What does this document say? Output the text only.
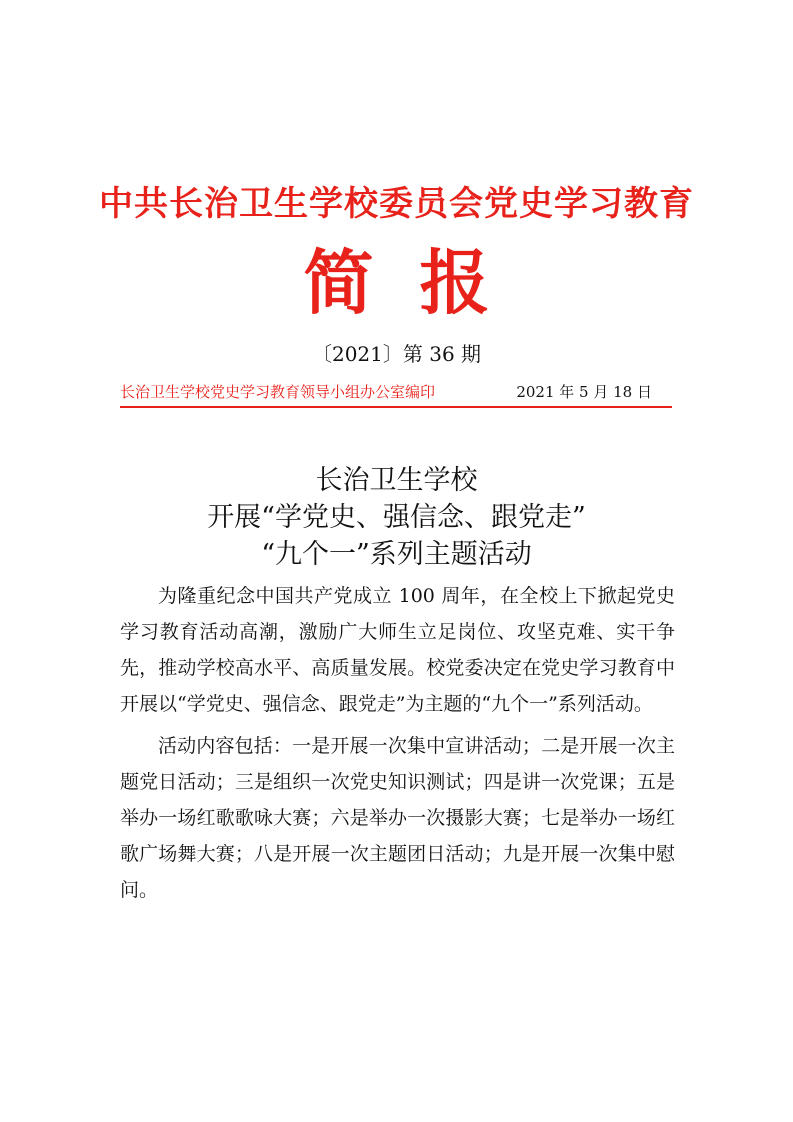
中共长治卫生学校委员会党史学习教育
简报
〔2021〕第 36 期
长治卫生学校党史学习教育领导小组办公室编印	2021 年 5 月 18 日
长治卫生学校
开展“学党史、强信念、跟党走”
“九个一”系列主题活动

为隆重纪念中国共产党成立 100 周年，在全校上下掀起党史学习教育活动高潮，激励广大师生立足岗位、攻坚克难、实干争先，推动学校高水平、高质量发展。校党委决定在党史学习教育中开展以“学党史、强信念、跟党走”为主题的“九个一”系列活动。

活动内容包括：一是开展一次集中宣讲活动；二是开展一次主题党日活动；三是组织一次党史知识测试；四是讲一次党课；五是举办一场红歌歌咏大赛；六是举办一次摄影大赛；七是举办一场红歌广场舞大赛；八是开展一次主题团日活动；九是开展一次集中慰问。
